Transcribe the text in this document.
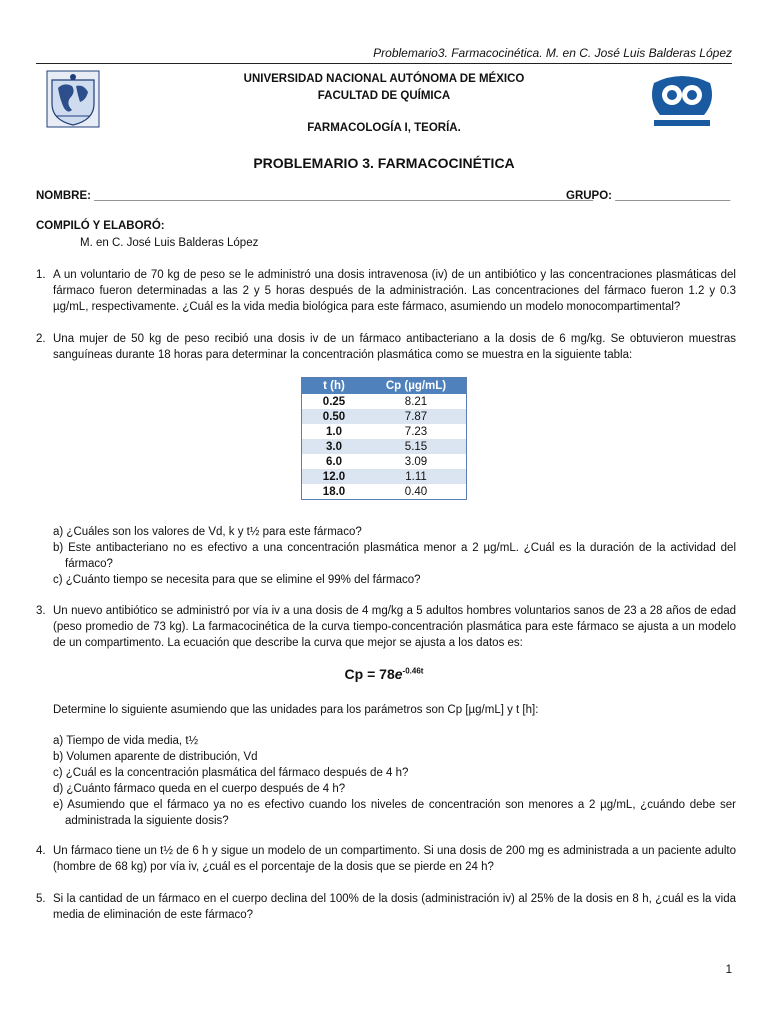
Problemario3. Farmacocinética. M. en C. José Luis Balderas López
UNIVERSIDAD NACIONAL AUTÓNOMA DE MÉXICO
FACULTAD DE QUÍMICA
FARMACOLOGÍA I, TEORÍA.
PROBLEMARIO 3. FARMACOCINÉTICA
NOMBRE: ______________________________________________________________________________
GRUPO: __________________
COMPILÓ Y ELABORÓ:
M. en C. José Luis Balderas López
1. A un voluntario de 70 kg de peso se le administró una dosis intravenosa (iv) de un antibiótico y las concentraciones plasmáticas del fármaco fueron determinadas a las 2 y 5 horas después de la administración. Las concentraciones del fármaco fueron 1.2 y 0.3 µg/mL, respectivamente. ¿Cuál es la vida media biológica para este fármaco, asumiendo un modelo monocompartimental?
2. Una mujer de 50 kg de peso recibió una dosis iv de un fármaco antibacteriano a la dosis de 6 mg/kg. Se obtuvieron muestras sanguíneas durante 18 horas para determinar la concentración plasmática como se muestra en la siguiente tabla:
t (h)	Cp (µg/mL)
0.25	8.21
0.50	7.87
1.0	7.23
3.0	5.15
6.0	3.09
12.0	1.11
18.0	0.40
a) ¿Cuáles son los valores de Vd, k y t½ para este fármaco?
b) Este antibacteriano no es efectivo a una concentración plasmática menor a 2 µg/mL. ¿Cuál es la duración de la actividad del fármaco?
c) ¿Cuánto tiempo se necesita para que se elimine el 99% del fármaco?
3. Un nuevo antibiótico se administró por vía iv a una dosis de 4 mg/kg a 5 adultos hombres voluntarios sanos de 23 a 28 años de edad (peso promedio de 73 kg). La farmacocinética de la curva tiempo-concentración plasmática para este fármaco se ajusta a un modelo de un compartimento. La ecuación que describe la curva que mejor se ajusta a los datos es:
$Cp = 78e^{-0.46t}$
Determine lo siguiente asumiendo que las unidades para los parámetros son Cp [µg/mL] y t [h]:
a) Tiempo de vida media, t½
b) Volumen aparente de distribución, Vd
c) ¿Cuál es la concentración plasmática del fármaco después de 4 h?
d) ¿Cuánto fármaco queda en el cuerpo después de 4 h?
e) Asumiendo que el fármaco ya no es efectivo cuando los niveles de concentración son menores a 2 µg/mL, ¿cuándo debe ser administrada la siguiente dosis?
4. Un fármaco tiene un t½ de 6 h y sigue un modelo de un compartimento. Si una dosis de 200 mg es administrada a un paciente adulto (hombre de 68 kg) por vía iv, ¿cuál es el porcentaje de la dosis que se pierde en 24 h?
5. Si la cantidad de un fármaco en el cuerpo declina del 100% de la dosis (administración iv) al 25% de la dosis en 8 h, ¿cuál es la vida media de eliminación de este fármaco?
1
